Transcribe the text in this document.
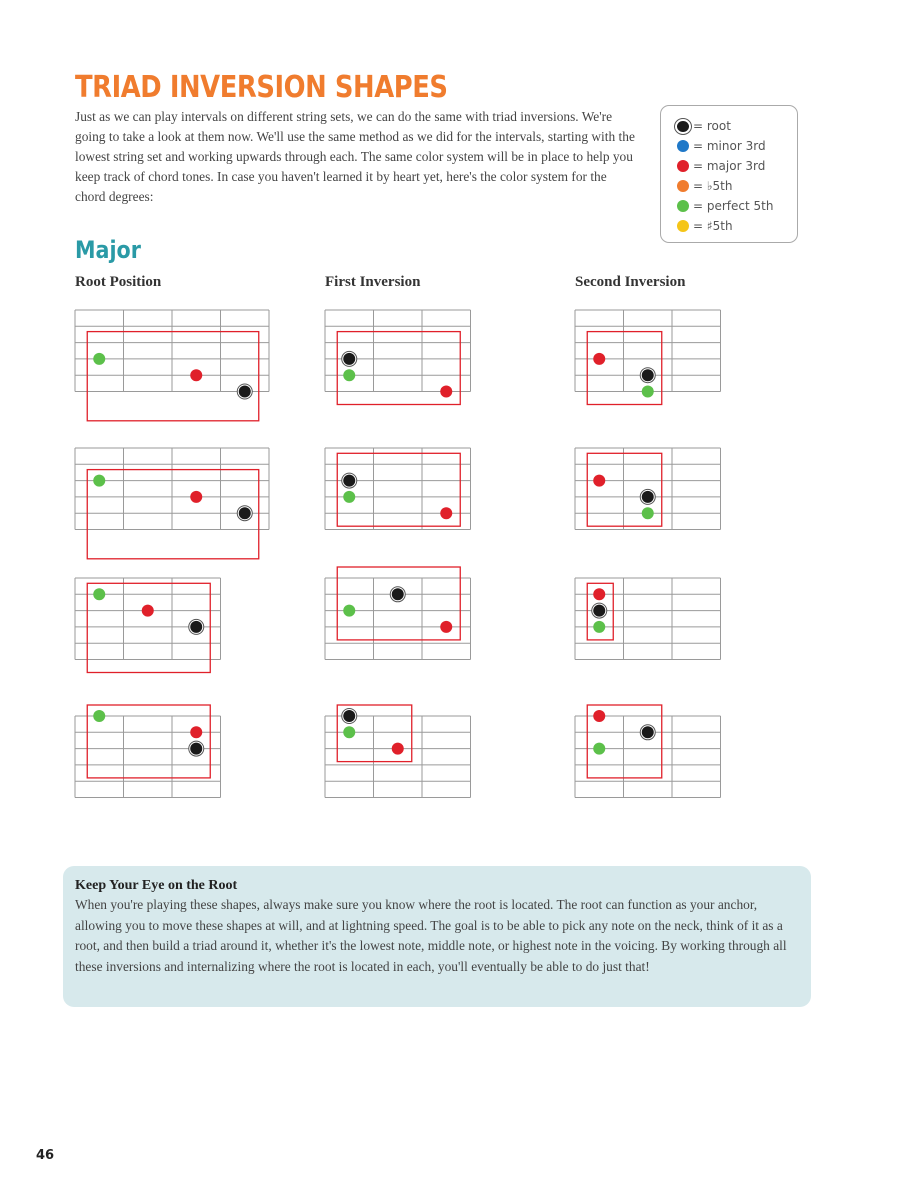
TRIAD INVERSION SHAPES
Just as we can play intervals on different string sets, we can do the same with triad inversions. We're going to take a look at them now. We'll use the same method as we did for the intervals, starting with the lowest string set and working upwards through each. The same color system will be in place to help you keep track of chord tones. In case you haven't learned it by heart yet, here's the color system for the chord degrees:
= root
= minor 3rd
= major 3rd
= ♭5th
= perfect 5th
= ♯5th
Major
Root Position	First Inversion	Second Inversion
Keep Your Eye on the Root
When you're playing these shapes, always make sure you know where the root is located. The root can function as your anchor, allowing you to move these shapes at will, and at lightning speed. The goal is to be able to pick any note on the neck, think of it as a root, and then build a triad around it, whether it's the lowest note, middle note, or highest note in the voicing. By working through all these inversions and internalizing where the root is located in each, you'll eventually be able to do just that!
46
